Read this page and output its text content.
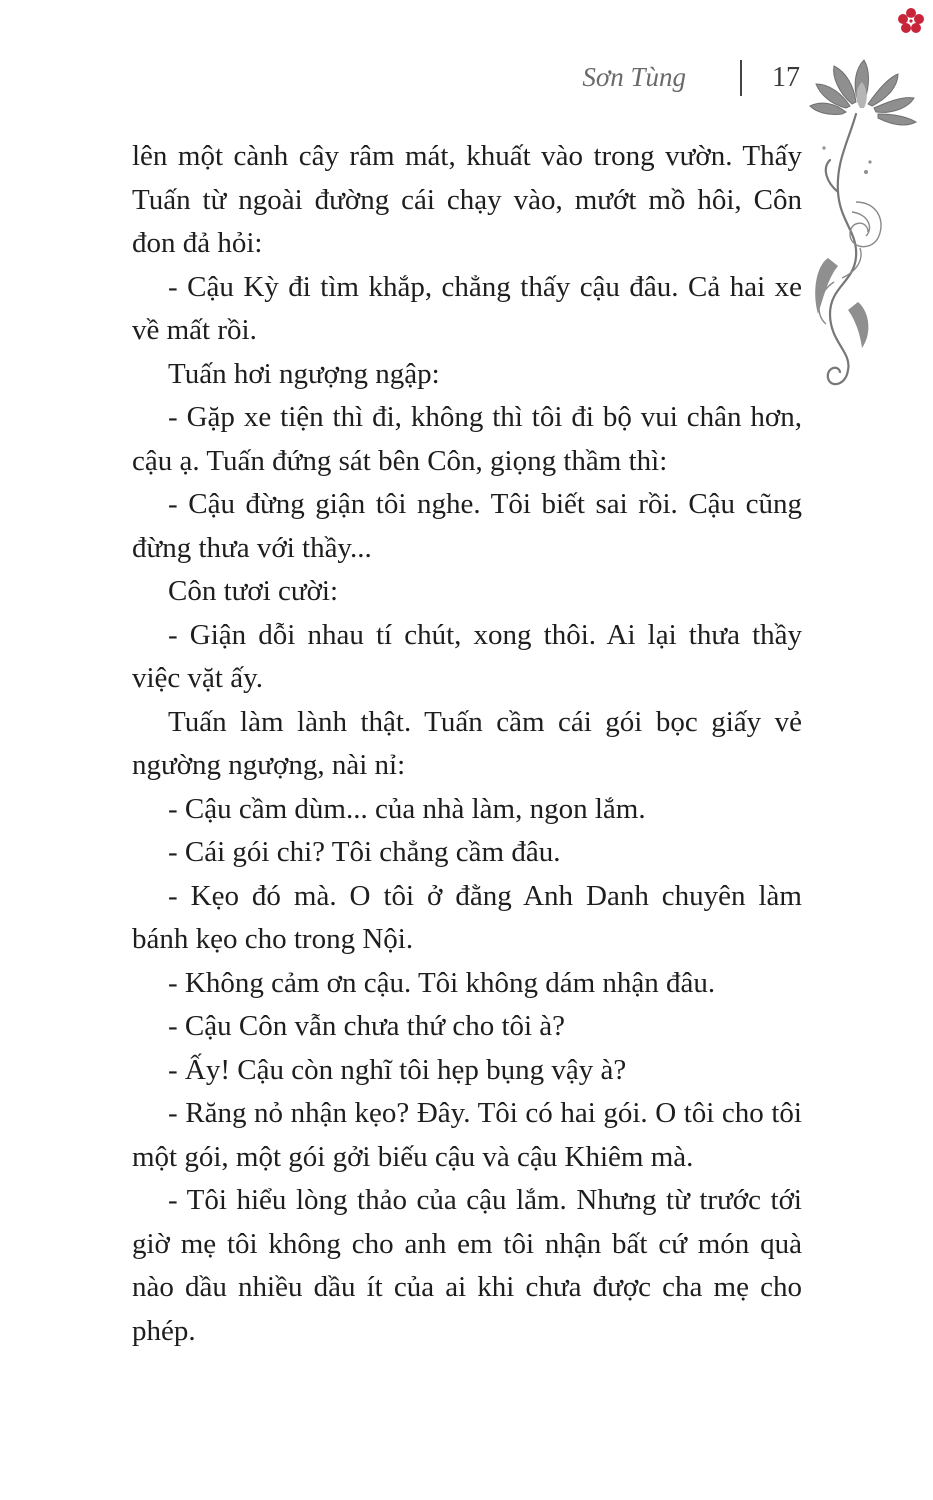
Sơn Tùng	17

lên một cành cây râm mát, khuất vào trong vườn. Thấy Tuấn từ ngoài đường cái chạy vào, mướt mồ hôi, Côn đon đả hỏi:

- Cậu Kỳ đi tìm khắp, chẳng thấy cậu đâu. Cả hai xe về mất rồi.

Tuấn hơi ngượng ngập:

- Gặp xe tiện thì đi, không thì tôi đi bộ vui chân hơn, cậu ạ. Tuấn đứng sát bên Côn, giọng thầm thì:

- Cậu đừng giận tôi nghe. Tôi biết sai rồi. Cậu cũng đừng thưa với thầy...

Côn tươi cười:

- Giận dỗi nhau tí chút, xong thôi. Ai lại thưa thầy việc vặt ấy.

Tuấn làm lành thật. Tuấn cầm cái gói bọc giấy vẻ ngường ngượng, nài nỉ:

- Cậu cầm dùm... của nhà làm, ngon lắm.

- Cái gói chi? Tôi chẳng cầm đâu.

- Kẹo đó mà. O tôi ở đằng Anh Danh chuyên làm bánh kẹo cho trong Nội.

- Không cảm ơn cậu. Tôi không dám nhận đâu.

- Cậu Côn vẫn chưa thứ cho tôi à?

- Ấy! Cậu còn nghĩ tôi hẹp bụng vậy à?

- Răng nỏ nhận kẹo? Đây. Tôi có hai gói. O tôi cho tôi một gói, một gói gởi biếu cậu và cậu Khiêm mà.

- Tôi hiểu lòng thảo của cậu lắm. Nhưng từ trước tới giờ mẹ tôi không cho anh em tôi nhận bất cứ món quà nào dầu nhiều dầu ít của ai khi chưa được cha mẹ cho phép.
